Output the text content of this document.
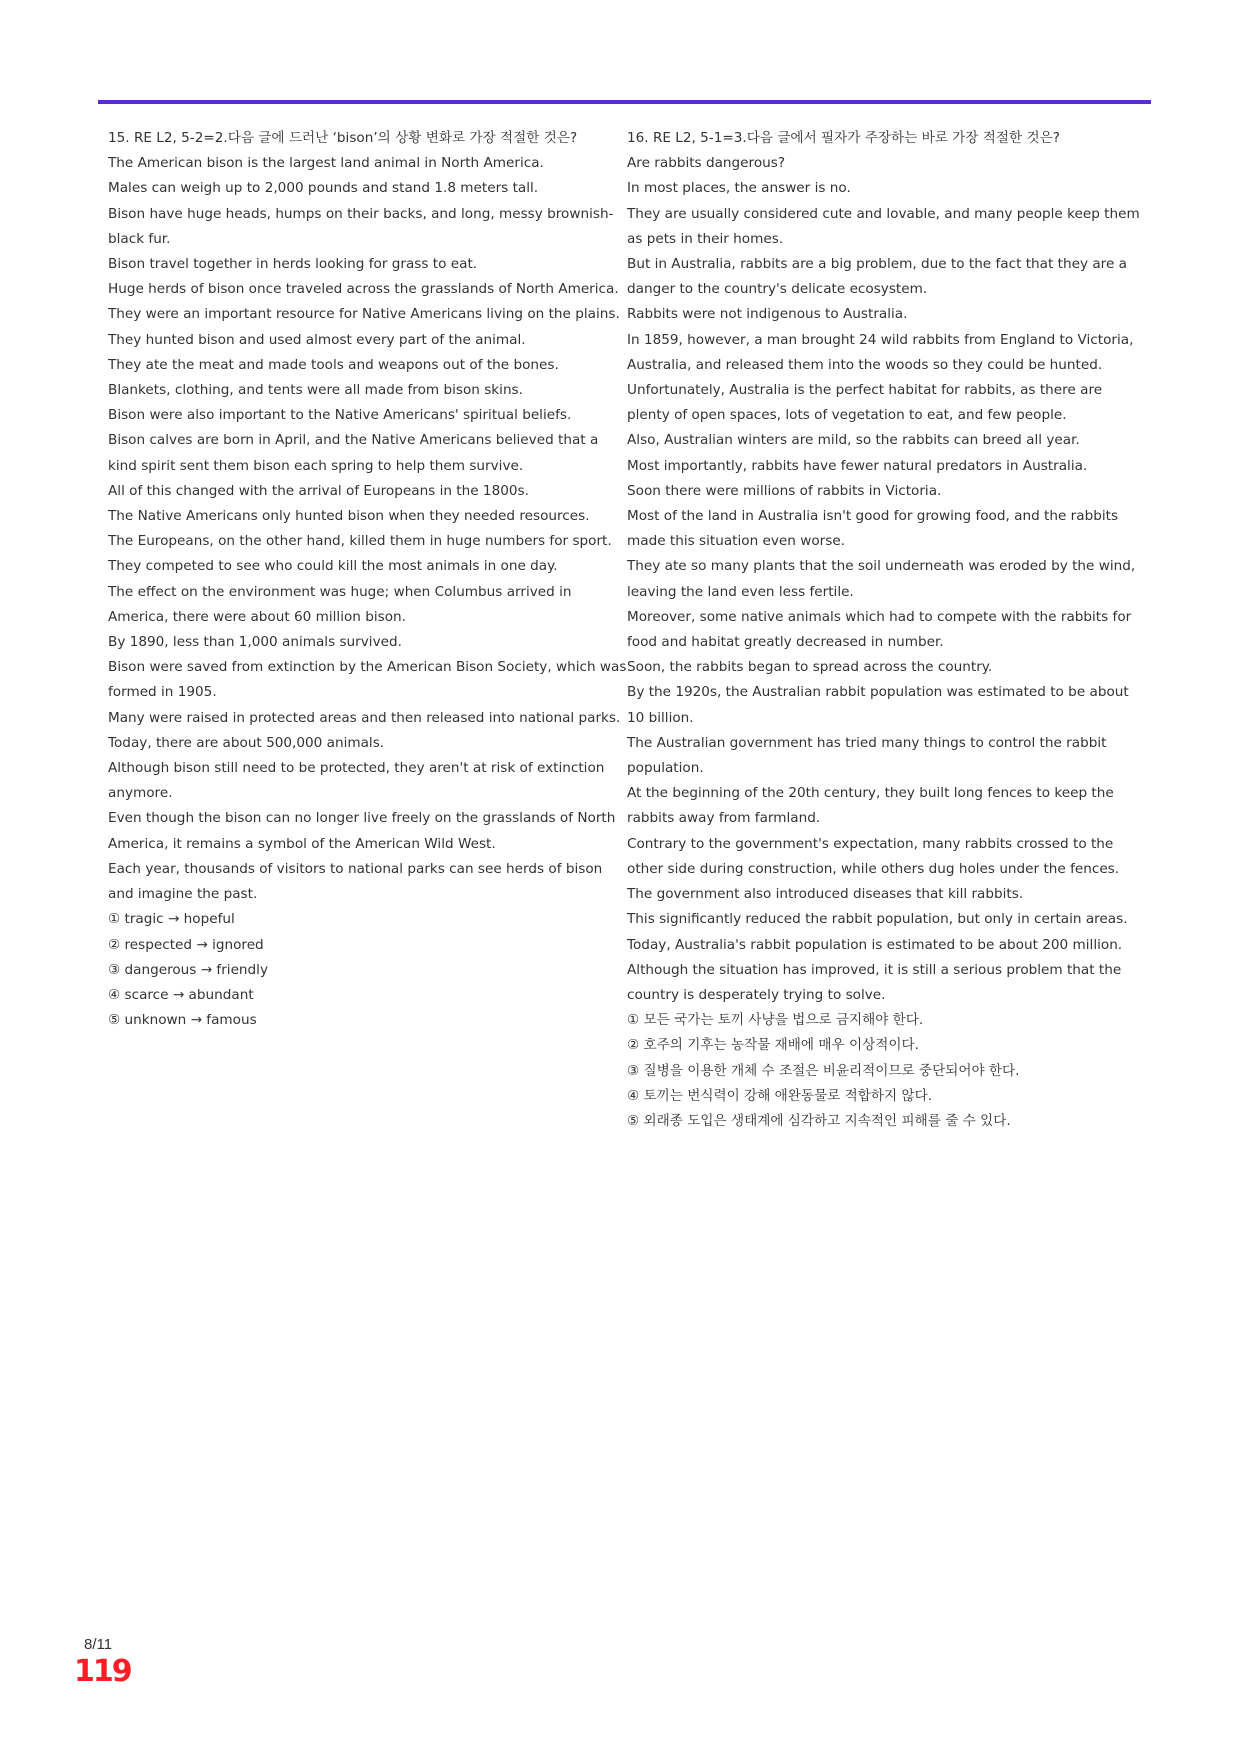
15. RE L2, 5-2=2.다음 글에 드러난 ‘bison’의 상황 변화로 가장 적절한 것은?

The American bison is the largest land animal in North America.

Males can weigh up to 2,000 pounds and stand 1.8 meters tall.

Bison have huge heads, humps on their backs, and long, messy brownish-black fur.

Bison travel together in herds looking for grass to eat.

Huge herds of bison once traveled across the grasslands of North America.

They were an important resource for Native Americans living on the plains.

They hunted bison and used almost every part of the animal.

They ate the meat and made tools and weapons out of the bones.

Blankets, clothing, and tents were all made from bison skins.

Bison were also important to the Native Americans' spiritual beliefs.

Bison calves are born in April, and the Native Americans believed that a kind spirit sent them bison each spring to help them survive.

All of this changed with the arrival of Europeans in the 1800s.

The Native Americans only hunted bison when they needed resources.

The Europeans, on the other hand, killed them in huge numbers for sport.

They competed to see who could kill the most animals in one day.

The effect on the environment was huge; when Columbus arrived in America, there were about 60 million bison.

By 1890, less than 1,000 animals survived.

Bison were saved from extinction by the American Bison Society, which was formed in 1905.

Many were raised in protected areas and then released into national parks.

Today, there are about 500,000 animals.

Although bison still need to be protected, they aren't at risk of extinction anymore.

Even though the bison can no longer live freely on the grasslands of North America, it remains a symbol of the American Wild West.

Each year, thousands of visitors to national parks can see herds of bison and imagine the past.

① tragic → hopeful

② respected → ignored

③ dangerous → friendly

④ scarce → abundant

⑤ unknown → famous

16. RE L2, 5-1=3.다음 글에서 필자가 주장하는 바로 가장 적절한 것은?

Are rabbits dangerous?

In most places, the answer is no.

They are usually considered cute and lovable, and many people keep them as pets in their homes.

But in Australia, rabbits are a big problem, due to the fact that they are a danger to the country's delicate ecosystem.

Rabbits were not indigenous to Australia.

In 1859, however, a man brought 24 wild rabbits from England to Victoria, Australia, and released them into the woods so they could be hunted.

Unfortunately, Australia is the perfect habitat for rabbits, as there are plenty of open spaces, lots of vegetation to eat, and few people.

Also, Australian winters are mild, so the rabbits can breed all year.

Most importantly, rabbits have fewer natural predators in Australia.

Soon there were millions of rabbits in Victoria.

Most of the land in Australia isn't good for growing food, and the rabbits made this situation even worse.

They ate so many plants that the soil underneath was eroded by the wind, leaving the land even less fertile.

Moreover, some native animals which had to compete with the rabbits for food and habitat greatly decreased in number.

Soon, the rabbits began to spread across the country.

By the 1920s, the Australian rabbit population was estimated to be about 10 billion.

The Australian government has tried many things to control the rabbit population.

At the beginning of the 20th century, they built long fences to keep the rabbits away from farmland.

Contrary to the government's expectation, many rabbits crossed to the other side during construction, while others dug holes under the fences.

The government also introduced diseases that kill rabbits.

This significantly reduced the rabbit population, but only in certain areas.

Today, Australia's rabbit population is estimated to be about 200 million.

Although the situation has improved, it is still a serious problem that the country is desperately trying to solve.

① 모든 국가는 토끼 사냥을 법으로 금지해야 한다.

② 호주의 기후는 농작물 재배에 매우 이상적이다.

③ 질병을 이용한 개체 수 조절은 비윤리적이므로 중단되어야 한다.

④ 토끼는 번식력이 강해 애완동물로 적합하지 않다.

⑤ 외래종 도입은 생태계에 심각하고 지속적인 피해를 줄 수 있다.

8/11
119
